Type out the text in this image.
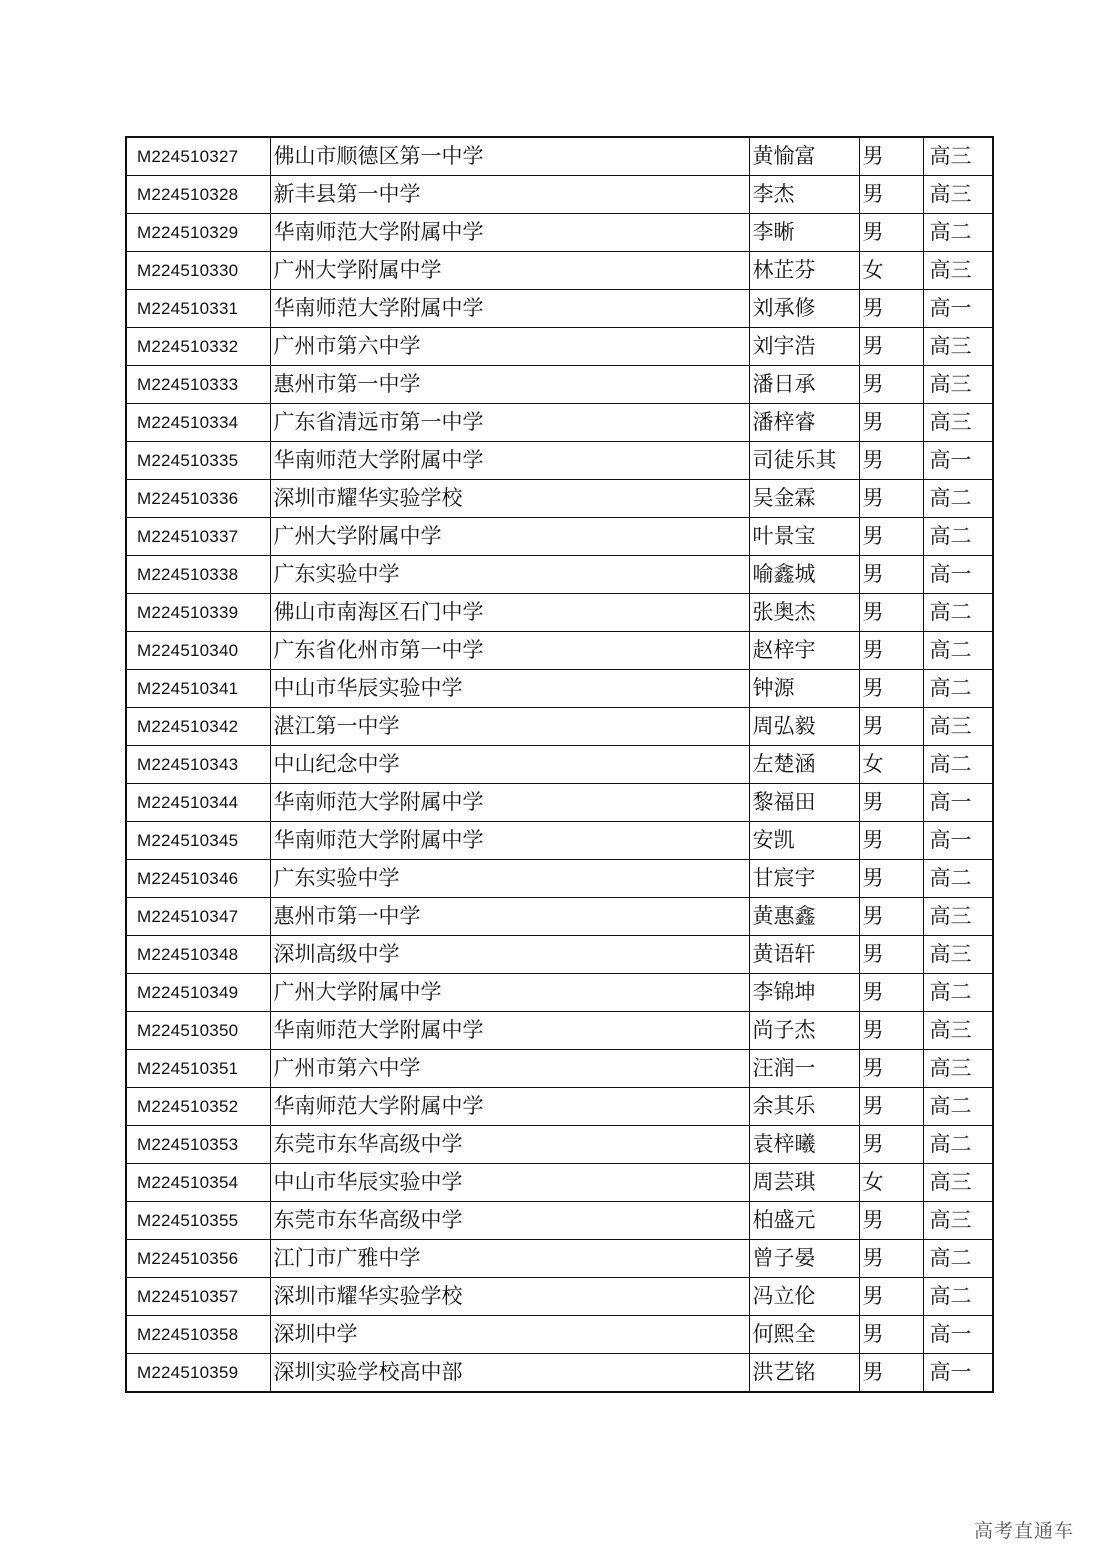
M224510327	佛山市顺德区第一中学	黄愉富	男	高三
M224510328	新丰县第一中学	李杰	男	高三
M224510329	华南师范大学附属中学	李晰	男	高二
M224510330	广州大学附属中学	林芷芬	女	高三
M224510331	华南师范大学附属中学	刘承修	男	高一
M224510332	广州市第六中学	刘宇浩	男	高三
M224510333	惠州市第一中学	潘日承	男	高三
M224510334	广东省清远市第一中学	潘梓睿	男	高三
M224510335	华南师范大学附属中学	司徒乐其	男	高一
M224510336	深圳市耀华实验学校	吴金霖	男	高二
M224510337	广州大学附属中学	叶景宝	男	高二
M224510338	广东实验中学	喻鑫城	男	高一
M224510339	佛山市南海区石门中学	张奥杰	男	高二
M224510340	广东省化州市第一中学	赵梓宇	男	高二
M224510341	中山市华辰实验中学	钟源	男	高二
M224510342	湛江第一中学	周弘毅	男	高三
M224510343	中山纪念中学	左楚涵	女	高二
M224510344	华南师范大学附属中学	黎福田	男	高一
M224510345	华南师范大学附属中学	安凯	男	高一
M224510346	广东实验中学	甘宸宇	男	高二
M224510347	惠州市第一中学	黄惠鑫	男	高三
M224510348	深圳高级中学	黄语轩	男	高三
M224510349	广州大学附属中学	李锦坤	男	高二
M224510350	华南师范大学附属中学	尚子杰	男	高三
M224510351	广州市第六中学	汪润一	男	高三
M224510352	华南师范大学附属中学	余其乐	男	高二
M224510353	东莞市东华高级中学	袁梓曦	男	高二
M224510354	中山市华辰实验中学	周芸琪	女	高三
M224510355	东莞市东华高级中学	柏盛元	男	高三
M224510356	江门市广雅中学	曾子晏	男	高二
M224510357	深圳市耀华实验学校	冯立伦	男	高二
M224510358	深圳中学	何熙全	男	高一
M224510359	深圳实验学校高中部	洪艺铭	男	高一
高考直通车
